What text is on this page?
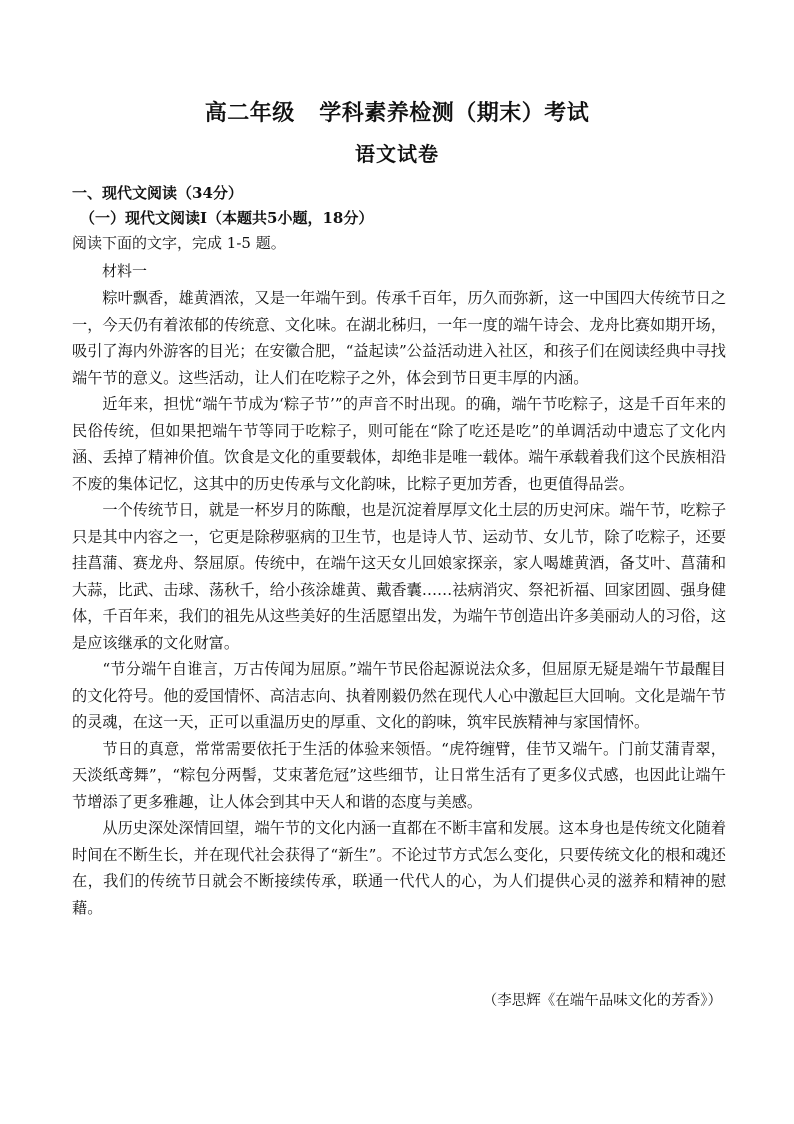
高二年级   学科素养检测（期末）考试
语文试卷
一、现代文阅读（34分）
（一）现代文阅读Ⅰ（本题共5小题，18分）
阅读下面的文字，完成 1-5 题。
材料一

粽叶飘香，雄黄酒浓，又是一年端午到。传承千百年，历久而弥新，这一中国四大传统节日之一，今天仍有着浓郁的传统意、文化味。在湖北秭归，一年一度的端午诗会、龙舟比赛如期开场，吸引了海内外游客的目光；在安徽合肥，“益起读”公益活动进入社区，和孩子们在阅读经典中寻找端午节的意义。这些活动，让人们在吃粽子之外，体会到节日更丰厚的内涵。

近年来，担忧“端午节成为‘粽子节’”的声音不时出现。的确，端午节吃粽子，这是千百年来的民俗传统，但如果把端午节等同于吃粽子，则可能在“除了吃还是吃”的单调活动中遗忘了文化内涵、丢掉了精神价值。饮食是文化的重要载体，却绝非是唯一载体。端午承载着我们这个民族相沿不废的集体记忆，这其中的历史传承与文化韵味，比粽子更加芳香，也更值得品尝。

一个传统节日，就是一杯岁月的陈酿，也是沉淀着厚厚文化土层的历史河床。端午节，吃粽子只是其中内容之一，它更是除秽驱病的卫生节，也是诗人节、运动节、女儿节，除了吃粽子，还要挂菖蒲、赛龙舟、祭屈原。传统中，在端午这天女儿回娘家探亲，家人喝雄黄酒，备艾叶、菖蒲和大蒜，比武、击球、荡秋千，给小孩涂雄黄、戴香囊……祛病消灾、祭祀祈福、回家团圆、强身健体，千百年来，我们的祖先从这些美好的生活愿望出发，为端午节创造出许多美丽动人的习俗，这是应该继承的文化财富。

“节分端午自谁言，万古传闻为屈原。”端午节民俗起源说法众多，但屈原无疑是端午节最醒目的文化符号。他的爱国情怀、高洁志向、执着刚毅仍然在现代人心中激起巨大回响。文化是端午节的灵魂，在这一天，正可以重温历史的厚重、文化的韵味，筑牢民族精神与家国情怀。

节日的真意，常常需要依托于生活的体验来领悟。“虎符缠臂，佳节又端午。门前艾蒲青翠，天淡纸鸢舞”，“粽包分两髻，艾束著危冠”这些细节，让日常生活有了更多仪式感，也因此让端午节增添了更多雅趣，让人体会到其中天人和谐的态度与美感。

从历史深处深情回望，端午节的文化内涵一直都在不断丰富和发展。这本身也是传统文化随着时间在不断生长，并在现代社会获得了“新生”。不论过节方式怎么变化，只要传统文化的根和魂还在，我们的传统节日就会不断接续传承，联通一代代人的心，为人们提供心灵的滋养和精神的慰藉。

（李思辉《在端午品味文化的芳香》）
